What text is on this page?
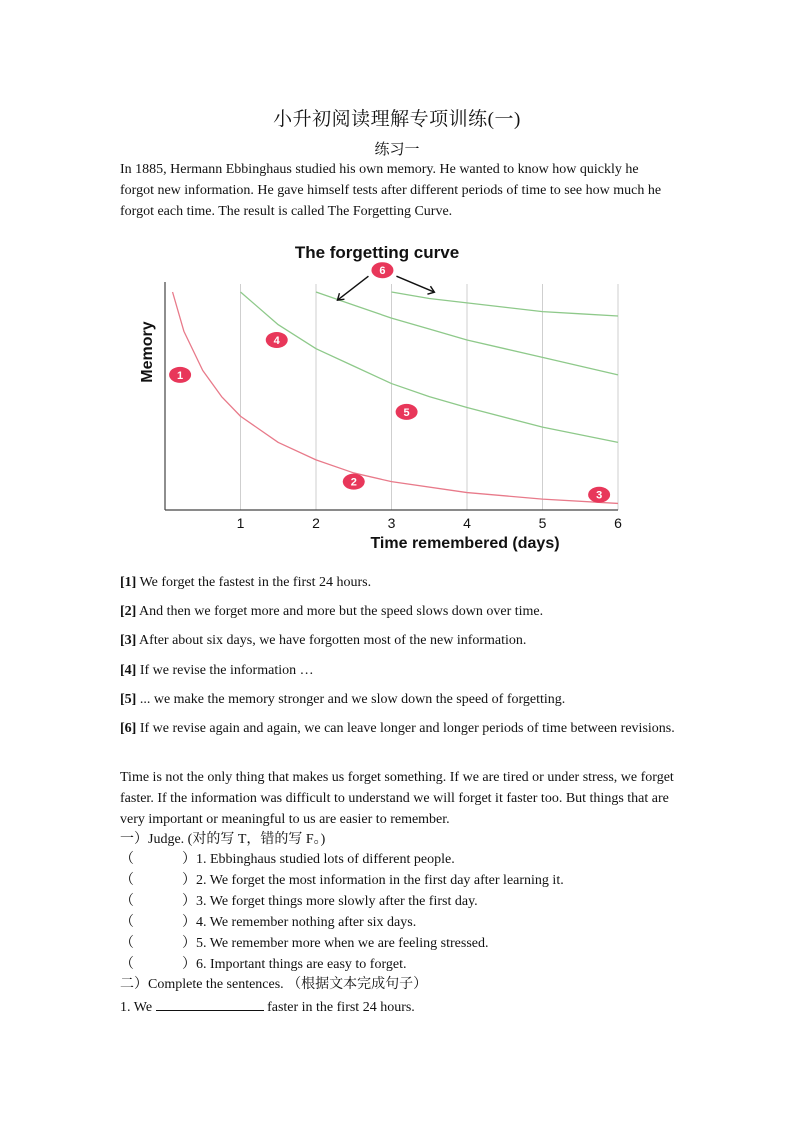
小升初阅读理解专项训练(一)
练习一

In 1885, Hermann Ebbinghaus studied his own memory. He wanted to know how quickly he forgot new information. He gave himself tests after different periods of time to see how much he forgot each time. The result is called The Forgetting Curve.

The forgetting curve
Memory
Time remembered (days)
1	2	3	4	5	6
1
2
3
4
5
6
[1] We forget the fastest in the first 24 hours.
[2] And then we forget more and more but the speed slows down over time.
[3] After about six days, we have forgotten most of the new information.
[4] If we revise the information …
[5] ... we make the memory stronger and we slow down the speed of forgetting.
[6] If we revise again and again, we can leave longer and longer periods of time between revisions.

Time is not the only thing that makes us forget something. If we are tired or under stress, we forget faster. If the information was difficult to understand we will forget it faster too. But things that are very important or meaningful to us are easier to remember.

一）Judge. (对的写 T，错的写 F。)
（	）1. Ebbinghaus studied lots of different people.
（	）2. We forget the most information in the first day after learning it.
（	）3. We forget things more slowly after the first day.
（	）4. We remember nothing after six days.
（	）5. We remember more when we are feeling stressed.
（	）6. Important things are easy to forget.
二）Complete the sentences. （根据文本完成句子）
1. We	faster in the first 24 hours.
